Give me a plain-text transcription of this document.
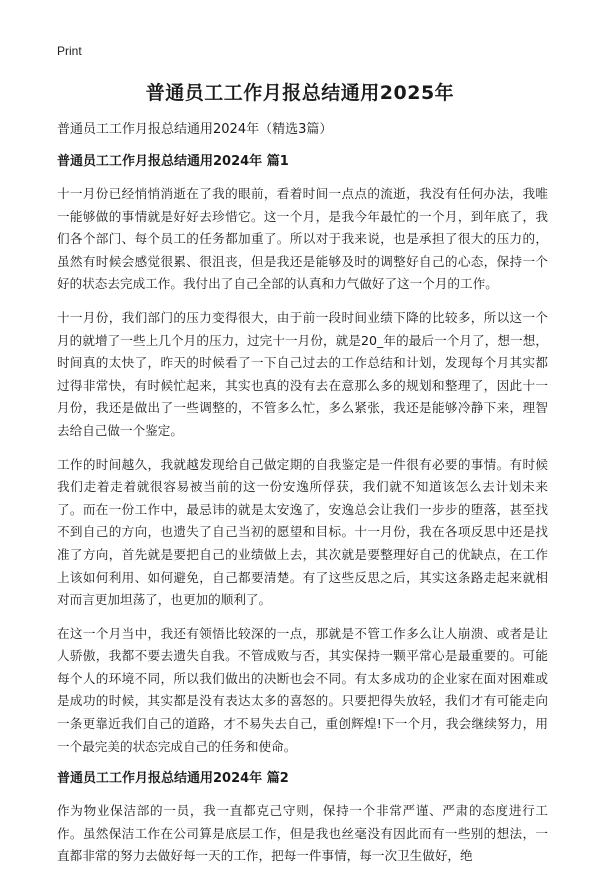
Print
普通员工工作月报总结通用2025年

普通员工工作月报总结通用2024年（精选3篇）

普通员工工作月报总结通用2024年 篇1

十一月份已经悄悄消逝在了我的眼前，看着时间一点点的流逝，我没有任何办法，我唯一能够做的事情就是好好去珍惜它。这一个月，是我今年最忙的一个月，到年底了，我们各个部门、每个员工的任务都加重了。所以对于我来说，也是承担了很大的压力的，虽然有时候会感觉很累、很沮丧，但是我还是能够及时的调整好自己的心态，保持一个好的状态去完成工作。我付出了自己全部的认真和力气做好了这一个月的工作。

十一月份，我们部门的压力变得很大，由于前一段时间业绩下降的比较多，所以这一个月的就增了一些上几个月的压力，过完十一月份，就是20_年的最后一个月了，想一想，时间真的太快了，昨天的时候看了一下自己过去的工作总结和计划，发现每个月其实都过得非常快，有时候忙起来，其实也真的没有去在意那么多的规划和整理了，因此十一月份，我还是做出了一些调整的，不管多么忙，多么紧张，我还是能够冷静下来，理智去给自己做一个鉴定。

工作的时间越久，我就越发现给自己做定期的自我鉴定是一件很有必要的事情。有时候我们走着走着就很容易被当前的这一份安逸所俘获，我们就不知道该怎么去计划未来了。而在一份工作中，最忌讳的就是太安逸了，安逸总会让我们一步步的堕落，甚至找不到自己的方向，也遗失了自己当初的愿望和目标。十一月份，我在各项反思中还是找准了方向，首先就是要把自己的业绩做上去，其次就是要整理好自己的优缺点，在工作上该如何利用、如何避免，自己都要清楚。有了这些反思之后，其实这条路走起来就相对而言更加坦荡了，也更加的顺利了。

在这一个月当中，我还有领悟比较深的一点，那就是不管工作多么让人崩溃、或者是让人骄傲，我都不要去遗失自我。不管成败与否，其实保持一颗平常心是最重要的。可能每个人的环境不同，所以我们做出的决断也会不同。有太多成功的企业家在面对困难或是成功的时候，其实都是没有表达太多的喜怒的。只要把得失放轻，我们才有可能走向一条更靠近我们自己的道路，才不易失去自己，重创辉煌!下一个月，我会继续努力，用一个最完美的状态完成自己的任务和使命。

普通员工工作月报总结通用2024年 篇2

作为物业保洁部的一员，我一直都克己守则，保持一个非常严谨、严肃的态度进行工作。虽然保洁工作在公司算是底层工作，但是我也丝毫没有因此而有一些别的想法，一直都非常的努力去做好每一天的工作，把每一件事情，每一次卫生做好，绝
